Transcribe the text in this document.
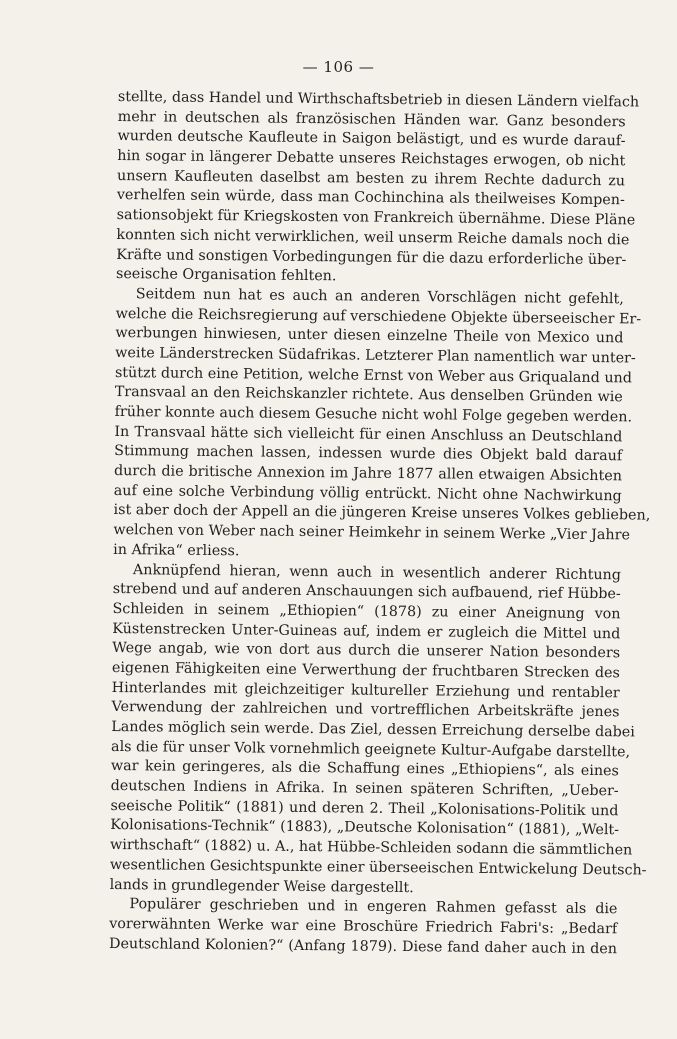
— 106 —
stellte, dass Handel und Wirthschaftsbetrieb in diesen Ländern vielfach
mehr in deutschen als französischen Händen war. Ganz besonders
wurden deutsche Kaufleute in Saigon belästigt, und es wurde darauf-
hin sogar in längerer Debatte unseres Reichstages erwogen, ob nicht
unsern Kaufleuten daselbst am besten zu ihrem Rechte dadurch zu
verhelfen sein würde, dass man Cochinchina als theilweises Kompen-
sationsobjekt für Kriegskosten von Frankreich übernähme. Diese Pläne
konnten sich nicht verwirklichen, weil unserm Reiche damals noch die
Kräfte und sonstigen Vorbedingungen für die dazu erforderliche über-
seeische Organisation fehlten.
Seitdem nun hat es auch an anderen Vorschlägen nicht gefehlt,
welche die Reichsregierung auf verschiedene Objekte überseeischer Er-
werbungen hinwiesen, unter diesen einzelne Theile von Mexico und
weite Länderstrecken Südafrikas. Letzterer Plan namentlich war unter-
stützt durch eine Petition, welche Ernst von Weber aus Griqualand und
Transvaal an den Reichskanzler richtete. Aus denselben Gründen wie
früher konnte auch diesem Gesuche nicht wohl Folge gegeben werden.
In Transvaal hätte sich vielleicht für einen Anschluss an Deutschland
Stimmung machen lassen, indessen wurde dies Objekt bald darauf
durch die britische Annexion im Jahre 1877 allen etwaigen Absichten
auf eine solche Verbindung völlig entrückt. Nicht ohne Nachwirkung
ist aber doch der Appell an die jüngeren Kreise unseres Volkes geblieben,
welchen von Weber nach seiner Heimkehr in seinem Werke „Vier Jahre
in Afrika“ erliess.
Anknüpfend hieran, wenn auch in wesentlich anderer Richtung
strebend und auf anderen Anschauungen sich aufbauend, rief Hübbe-
Schleiden in seinem „Ethiopien“ (1878) zu einer Aneignung von
Küstenstrecken Unter-Guineas auf, indem er zugleich die Mittel und
Wege angab, wie von dort aus durch die unserer Nation besonders
eigenen Fähigkeiten eine Verwerthung der fruchtbaren Strecken des
Hinterlandes mit gleichzeitiger kultureller Erziehung und rentabler
Verwendung der zahlreichen und vortrefflichen Arbeitskräfte jenes
Landes möglich sein werde. Das Ziel, dessen Erreichung derselbe dabei
als die für unser Volk vornehmlich geeignete Kultur-Aufgabe darstellte,
war kein geringeres, als die Schaffung eines „Ethiopiens“, als eines
deutschen Indiens in Afrika. In seinen späteren Schriften, „Ueber-
seeische Politik“ (1881) und deren 2. Theil „Kolonisations-Politik und
Kolonisations-Technik“ (1883), „Deutsche Kolonisation“ (1881), „Welt-
wirthschaft“ (1882) u. A., hat Hübbe-Schleiden sodann die sämmtlichen
wesentlichen Gesichtspunkte einer überseeischen Entwickelung Deutsch-
lands in grundlegender Weise dargestellt.
Populärer geschrieben und in engeren Rahmen gefasst als die
vorerwähnten Werke war eine Broschüre Friedrich Fabri's: „Bedarf
Deutschland Kolonien?“ (Anfang 1879). Diese fand daher auch in den
